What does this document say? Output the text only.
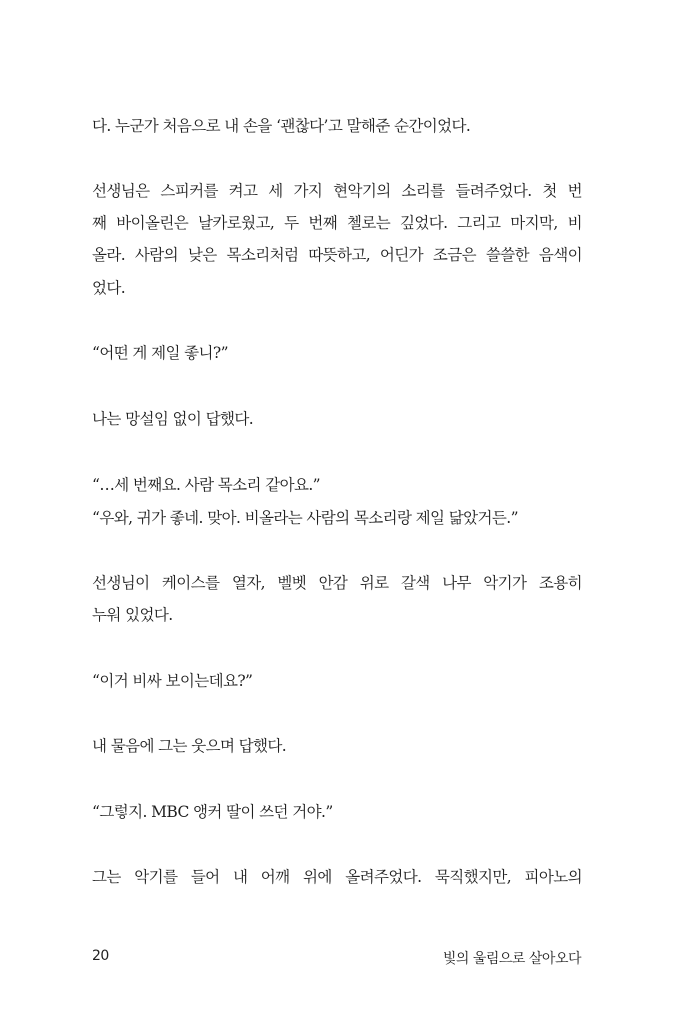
다. 누군가 처음으로 내 손을 ‘괜찮다’고 말해준 순간이었다.
선생님은 스피커를 켜고 세 가지 현악기의 소리를 들려주었다. 첫 번
째 바이올린은 날카로웠고, 두 번째 첼로는 깊었다. 그리고 마지막, 비
올라. 사람의 낮은 목소리처럼 따뜻하고, 어딘가 조금은 쓸쓸한 음색이
었다.
“어떤 게 제일 좋니?”
나는 망설임 없이 답했다.
“…세 번째요. 사람 목소리 같아요.”
“우와, 귀가 좋네. 맞아. 비올라는 사람의 목소리랑 제일 닮았거든.”
선생님이 케이스를 열자, 벨벳 안감 위로 갈색 나무 악기가 조용히
누워 있었다.
“이거 비싸 보이는데요?”
내 물음에 그는 웃으며 답했다.
“그렇지. MBC 앵커 딸이 쓰던 거야.”
그는 악기를 들어 내 어깨 위에 올려주었다. 묵직했지만, 피아노의
20	빛의 울림으로 살아오다
